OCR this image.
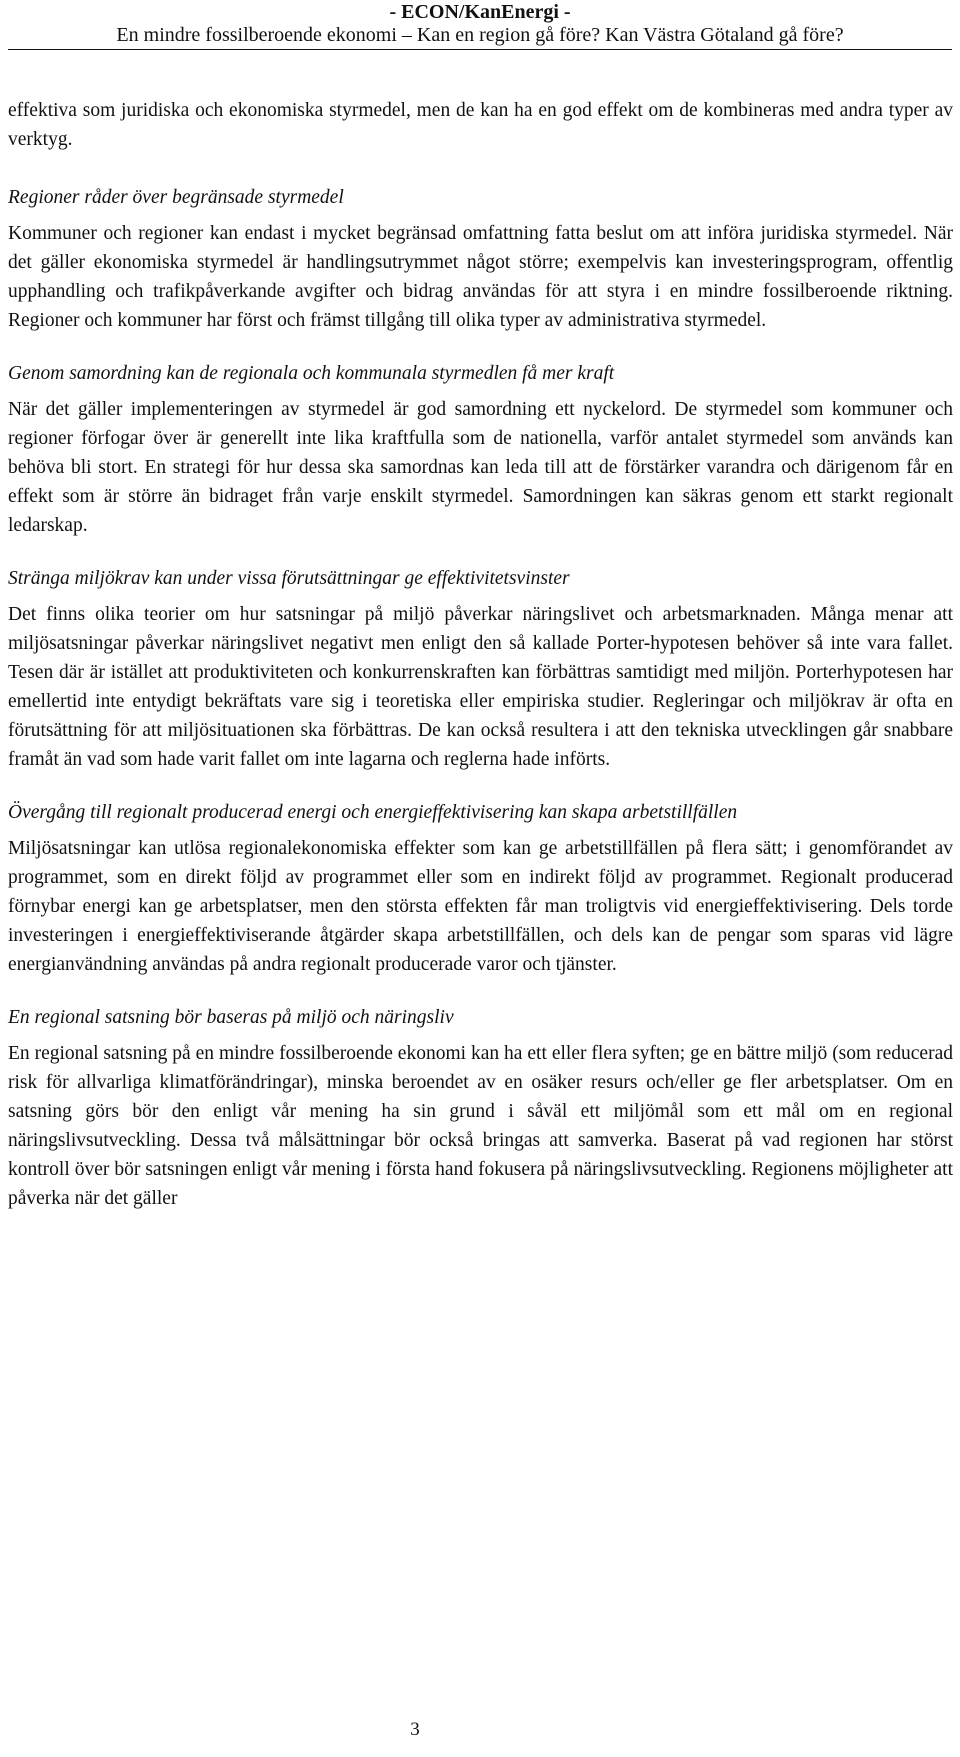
- ECON/KanEnergi -
En mindre fossilberoende ekonomi – Kan en region gå före? Kan Västra Götaland gå före?

effektiva som juridiska och ekonomiska styrmedel, men de kan ha en god effekt om de kombineras med andra typer av verktyg.

Regioner råder över begränsade styrmedel

Kommuner och regioner kan endast i mycket begränsad omfattning fatta beslut om att införa juridiska styrmedel. När det gäller ekonomiska styrmedel är handlingsutrymmet något större; exempelvis kan investeringsprogram, offentlig upphandling och trafikpåverkande avgifter och bidrag användas för att styra i en mindre fossilberoende riktning. Regioner och kommuner har först och främst tillgång till olika typer av administrativa styrmedel.

Genom samordning kan de regionala och kommunala styrmedlen få mer kraft

När det gäller implementeringen av styrmedel är god samordning ett nyckelord. De styrmedel som kommuner och regioner förfogar över är generellt inte lika kraftfulla som de nationella, varför antalet styrmedel som används kan behöva bli stort. En strategi för hur dessa ska samordnas kan leda till att de förstärker varandra och därigenom får en effekt som är större än bidraget från varje enskilt styrmedel. Samordningen kan säkras genom ett starkt regionalt ledarskap.

Stränga miljökrav kan under vissa förutsättningar ge effektivitetsvinster

Det finns olika teorier om hur satsningar på miljö påverkar näringslivet och arbetsmarknaden. Många menar att miljösatsningar påverkar näringslivet negativt men enligt den så kallade Porter-hypotesen behöver så inte vara fallet. Tesen där är istället att produktiviteten och konkurrenskraften kan förbättras samtidigt med miljön. Porterhypotesen har emellertid inte entydigt bekräftats vare sig i teoretiska eller empiriska studier. Regleringar och miljökrav är ofta en förutsättning för att miljösituationen ska förbättras. De kan också resultera i att den tekniska utvecklingen går snabbare framåt än vad som hade varit fallet om inte lagarna och reglerna hade införts.

Övergång till regionalt producerad energi och energieffektivisering kan skapa arbetstillfällen

Miljösatsningar kan utlösa regionalekonomiska effekter som kan ge arbetstillfällen på flera sätt; i genomförandet av programmet, som en direkt följd av programmet eller som en indirekt följd av programmet. Regionalt producerad förnybar energi kan ge arbetsplatser, men den största effekten får man troligtvis vid energieffektivisering. Dels torde investeringen i energieffektiviserande åtgärder skapa arbetstillfällen, och dels kan de pengar som sparas vid lägre energianvändning användas på andra regionalt producerade varor och tjänster.

En regional satsning bör baseras på miljö och näringsliv

En regional satsning på en mindre fossilberoende ekonomi kan ha ett eller flera syften; ge en bättre miljö (som reducerad risk för allvarliga klimatförändringar), minska beroendet av en osäker resurs och/eller ge fler arbetsplatser. Om en satsning görs bör den enligt vår mening ha sin grund i såväl ett miljömål som ett mål om en regional näringslivsutveckling. Dessa två målsättningar bör också bringas att samverka. Baserat på vad regionen har störst kontroll över bör satsningen enligt vår mening i första hand fokusera på näringslivsutveckling. Regionens möjligheter att påverka när det gäller

3
